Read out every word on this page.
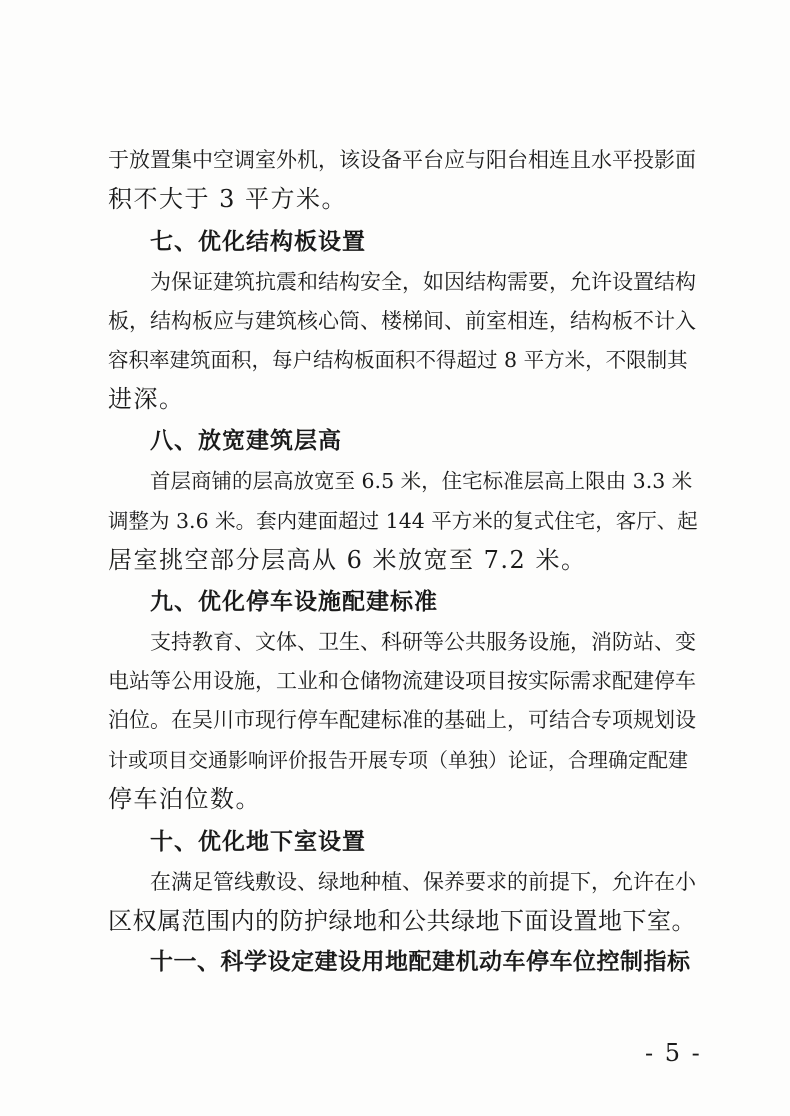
于放置集中空调室外机，该设备平台应与阳台相连且水平投影面
积不大于 3 平方米。
七、优化结构板设置
为保证建筑抗震和结构安全，如因结构需要，允许设置结构
板，结构板应与建筑核心筒、楼梯间、前室相连，结构板不计入
容积率建筑面积，每户结构板面积不得超过 8 平方米，不限制其
进深。
八、放宽建筑层高
首层商铺的层高放宽至 6.5 米，住宅标准层高上限由 3.3 米
调整为 3.6 米。套内建面超过 144 平方米的复式住宅，客厅、起
居室挑空部分层高从 6 米放宽至 7.2 米。
九、优化停车设施配建标准
支持教育、文体、卫生、科研等公共服务设施，消防站、变
电站等公用设施，工业和仓储物流建设项目按实际需求配建停车
泊位。在吴川市现行停车配建标准的基础上，可结合专项规划设
计或项目交通影响评价报告开展专项（单独）论证，合理确定配建
停车泊位数。
十、优化地下室设置
在满足管线敷设、绿地种植、保养要求的前提下，允许在小
区权属范围内的防护绿地和公共绿地下面设置地下室。
十一、科学设定建设用地配建机动车停车位控制指标
- 5 -
